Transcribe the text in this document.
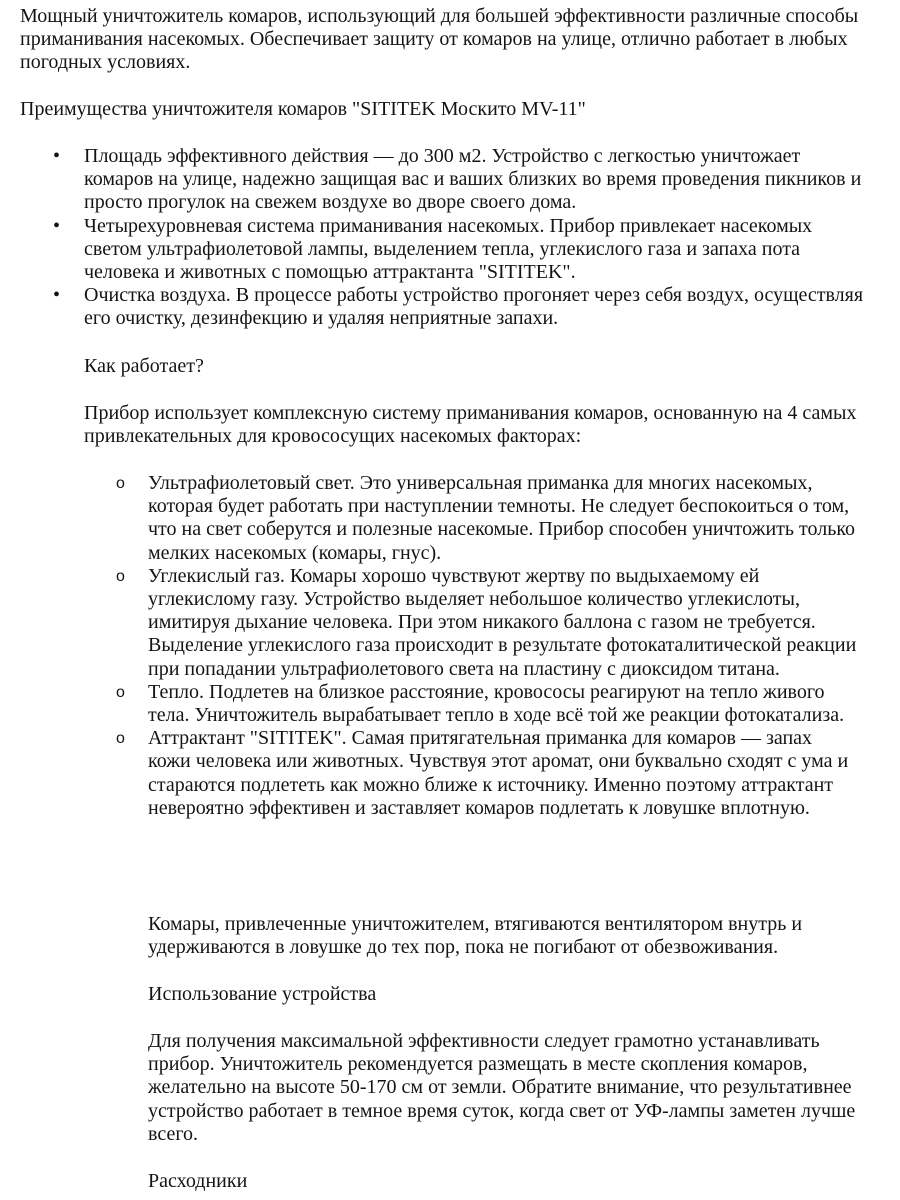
Мощный уничтожитель комаров, использующий для большей эффективности различные способы приманивания насекомых. Обеспечивает защиту от комаров на улице, отлично работает в любых погодных условиях.

Преимущества уничтожителя комаров "SITITEK Москито MV-11"

• Площадь эффективного действия — до 300 м2. Устройство с легкостью уничтожает комаров на улице, надежно защищая вас и ваших близких во время проведения пикников и просто прогулок на свежем воздухе во дворе своего дома.
• Четырехуровневая система приманивания насекомых. Прибор привлекает насекомых светом ультрафиолетовой лампы, выделением тепла, углекислого газа и запаха пота человека и животных с помощью аттрактанта "SITITEK".
• Очистка воздуха. В процессе работы устройство прогоняет через себя воздух, осуществляя его очистку, дезинфекцию и удаляя неприятные запахи.

Как работает?

Прибор использует комплексную систему приманивания комаров, основанную на 4 самых привлекательных для кровососущих насекомых факторах:

o Ультрафиолетовый свет. Это универсальная приманка для многих насекомых, которая будет работать при наступлении темноты. Не следует беспокоиться о том, что на свет соберутся и полезные насекомые. Прибор способен уничтожить только мелких насекомых (комары, гнус).
o Углекислый газ. Комары хорошо чувствуют жертву по выдыхаемому ей углекислому газу. Устройство выделяет небольшое количество углекислоты, имитируя дыхание человека. При этом никакого баллона с газом не требуется. Выделение углекислого газа происходит в результате фотокаталитической реакции при попадании ультрафиолетового света на пластину с диоксидом титана.
o Тепло. Подлетев на близкое расстояние, кровососы реагируют на тепло живого тела. Уничтожитель вырабатывает тепло в ходе всё той же реакции фотокатализа.
o Аттрактант "SITITEK". Самая притягательная приманка для комаров — запах кожи человека или животных. Чувствуя этот аромат, они буквально сходят с ума и стараются подлететь как можно ближе к источнику. Именно поэтому аттрактант невероятно эффективен и заставляет комаров подлетать к ловушке вплотную.

Комары, привлеченные уничтожителем, втягиваются вентилятором внутрь и удерживаются в ловушке до тех пор, пока не погибают от обезвоживания.

Использование устройства

Для получения максимальной эффективности следует грамотно устанавливать прибор. Уничтожитель рекомендуется размещать в месте скопления комаров, желательно на высоте 50-170 см от земли. Обратите внимание, что результативнее устройство работает в темное время суток, когда свет от УФ-лампы заметен лучше всего.

Расходники
